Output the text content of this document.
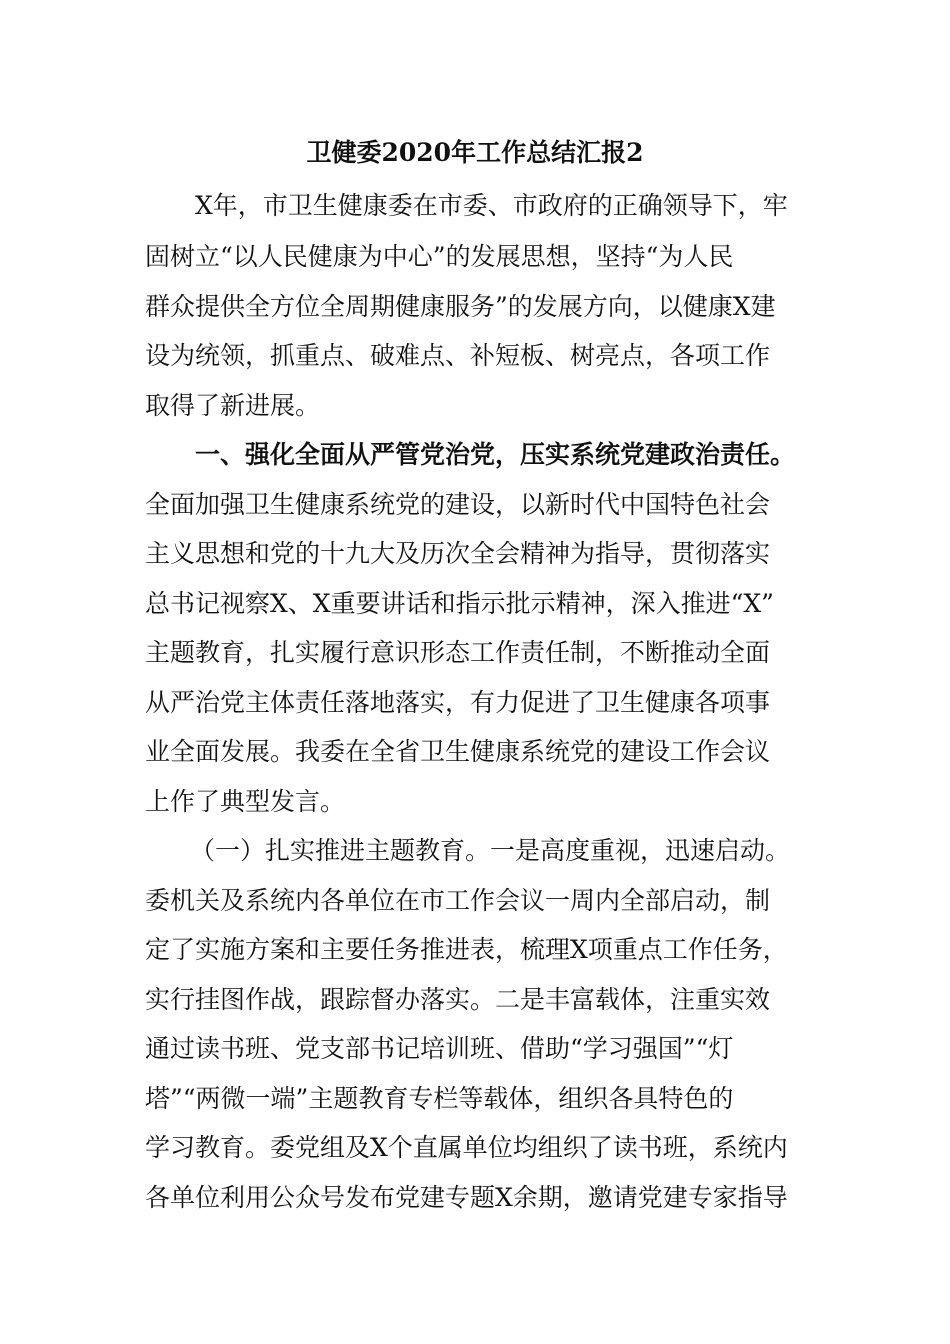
卫健委2020年工作总结汇报2
X年，市卫生健康委在市委、市政府的正确领导下，牢
固树立“以人民健康为中心”的发展思想，坚持“为人民
群众提供全方位全周期健康服务”的发展方向，以健康X建
设为统领，抓重点、破难点、补短板、树亮点，各项工作
取得了新进展。
一、强化全面从严管党治党，压实系统党建政治责任。
全面加强卫生健康系统党的建设，以新时代中国特色社会
主义思想和党的十九大及历次全会精神为指导，贯彻落实
总书记视察X、X重要讲话和指示批示精神，深入推进“X”
主题教育，扎实履行意识形态工作责任制，不断推动全面
从严治党主体责任落地落实，有力促进了卫生健康各项事
业全面发展。我委在全省卫生健康系统党的建设工作会议
上作了典型发言。
（一）扎实推进主题教育。一是高度重视，迅速启动。
委机关及系统内各单位在市工作会议一周内全部启动，制
定了实施方案和主要任务推进表，梳理X项重点工作任务，
实行挂图作战，跟踪督办落实。二是丰富载体，注重实效
通过读书班、党支部书记培训班、借助“学习强国”“灯
塔”“两微一端”主题教育专栏等载体，组织各具特色的
学习教育。委党组及X个直属单位均组织了读书班，系统内
各单位利用公众号发布党建专题X余期，邀请党建专家指导
